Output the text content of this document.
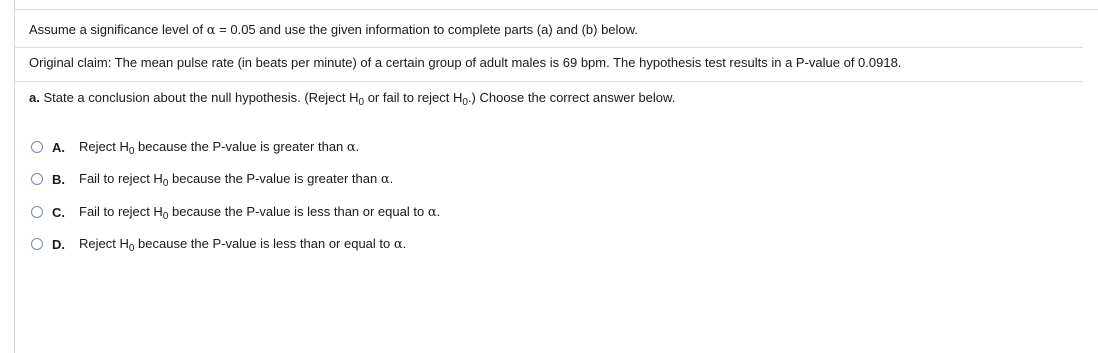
Assume a significance level of α = 0.05 and use the given information to complete parts (a) and (b) below.
Original claim: The mean pulse rate (in beats per minute) of a certain group of adult males is 69 bpm. The hypothesis test results in a P-value of 0.0918.
a. State a conclusion about the null hypothesis. (Reject $H_0$ or fail to reject $H_0$.) Choose the correct answer below.
A.	Reject $H_0$ because the P-value is greater than α.
B.	Fail to reject $H_0$ because the P-value is greater than α.
C.	Fail to reject $H_0$ because the P-value is less than or equal to α.
D.	Reject $H_0$ because the P-value is less than or equal to α.
